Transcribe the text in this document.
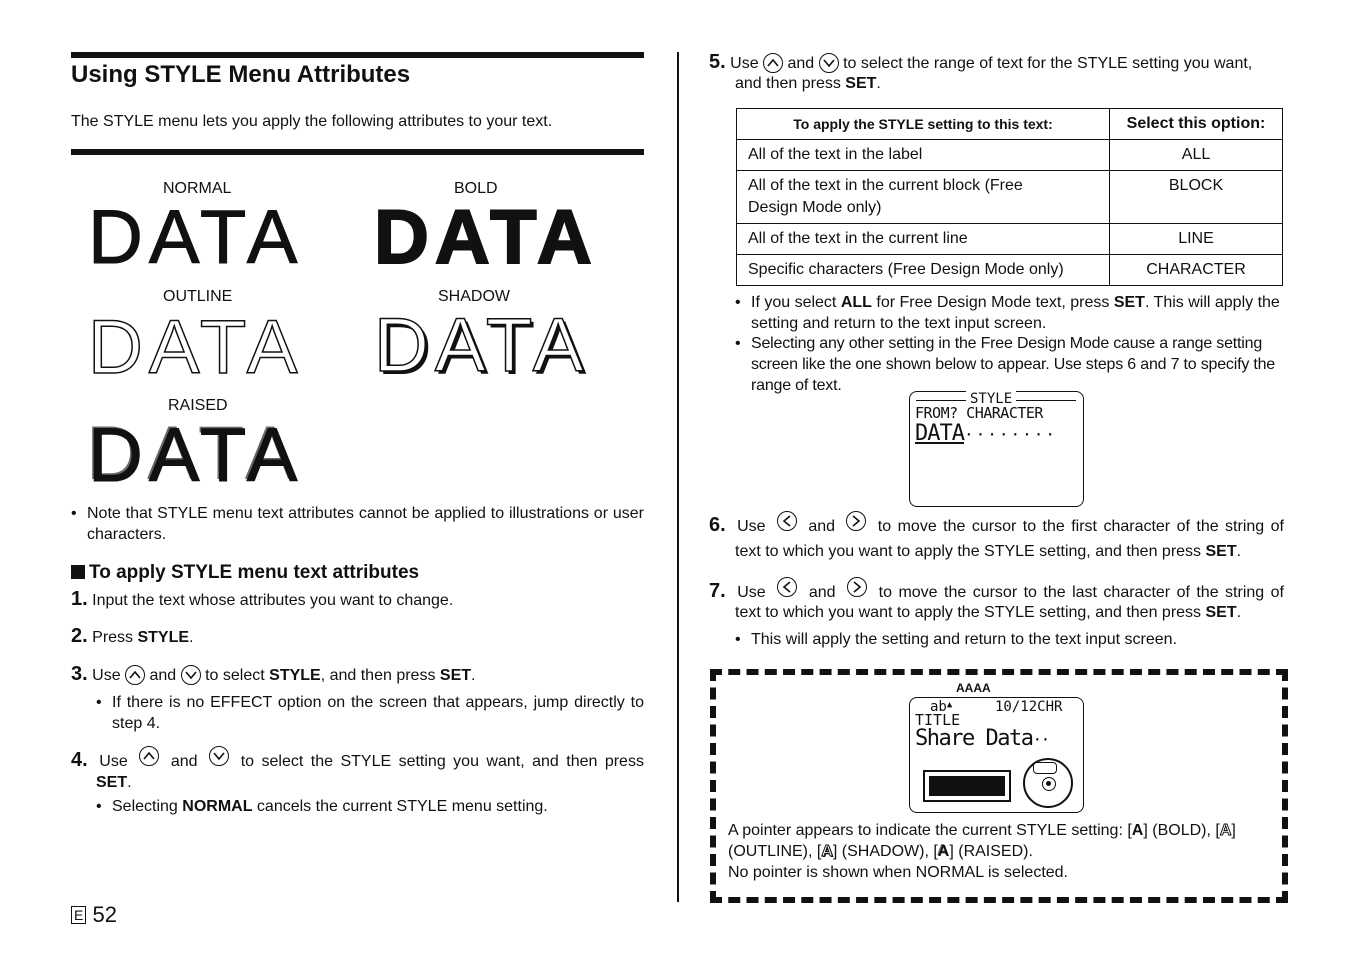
Using STYLE Menu Attributes
The STYLE menu lets you apply the following attributes to your text.
NORMAL	BOLD
DATA DATA
OUTLINE	SHADOW
DATA DATA
RAISED
DATA
• Note that STYLE menu text attributes cannot be applied to illustrations or user characters.
To apply STYLE menu text attributes
1. Input the text whose attributes you want to change.
2. Press STYLE.
3. Use and to select STYLE, and then press SET.
• If there is no EFFECT option on the screen that appears, jump directly to step 4.
4. Use	and	to select the STYLE setting you want, and then press
SET.
• Selecting NORMAL cancels the current STYLE menu setting.
E 52
5. Use and to select the range of text for the STYLE setting you want,
and then press SET.
To apply the STYLE setting to this text:	Select this option:
All of the text in the label	ALL
All of the text in the current block (Free Design Mode only)	BLOCK
All of the text in the current line	LINE
Specific characters (Free Design Mode only)	CHARACTER
• If you select ALL for Free Design Mode text, press SET. This will apply the setting and return to the text input screen.
• Selecting any other setting in the Free Design Mode cause a range setting screen like the one shown below to appear. Use steps 6 and 7 to specify the range of text.
STYLE
FROM? CHARACTER
DATA········
6. Use	and	to move the cursor to the first character of the string of
text to which you want to apply the STYLE setting, and then press SET.
7. Use	and	to move the cursor to the last character of the string of
text to which you want to apply the STYLE setting, and then press SET.
• This will apply the setting and return to the text input screen.
AAAA
ab▲	10/12CHR
TITLE
Share Data··
A pointer appears to indicate the current STYLE setting: [A] (BOLD), [A] (OUTLINE), [A] (SHADOW), [A] (RAISED).
No pointer is shown when NORMAL is selected.
